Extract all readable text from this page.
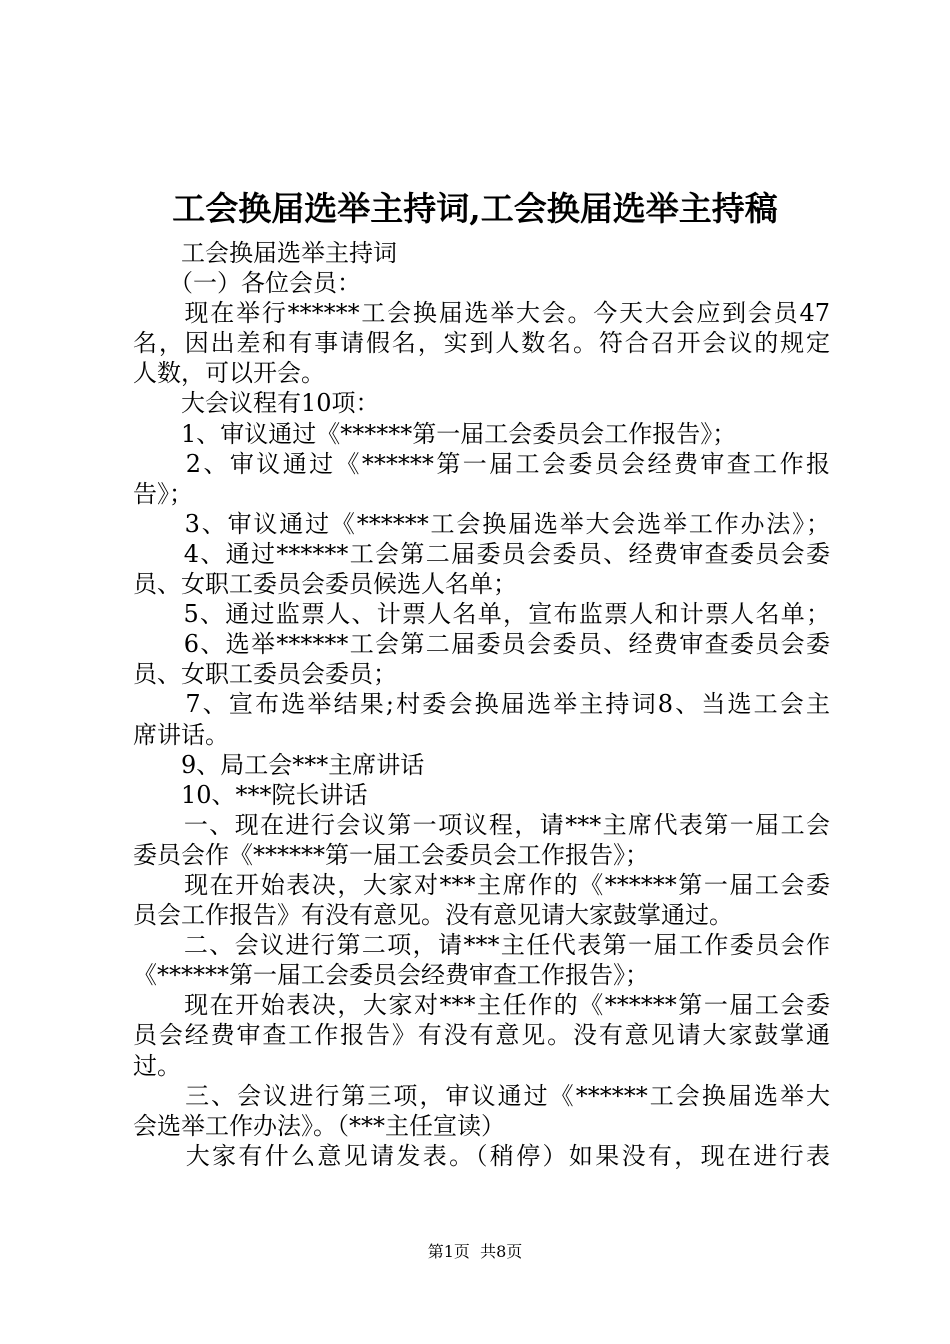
工会换届选举主持词,工会换届选举主持稿
　　工会换届选举主持词
　　（一）各位会员：
　　现在举行******工会换届选举大会。今天大会应到会员47
名，因出差和有事请假名，实到人数名。符合召开会议的规定
人数，可以开会。
　　大会议程有10项：
　　1、审议通过《******第一届工会委员会工作报告》；
　　2、审议通过《******第一届工会委员会经费审查工作报
告》；
　　3、审议通过《******工会换届选举大会选举工作办法》；
　　4、通过******工会第二届委员会委员、经费审查委员会委
员、女职工委员会委员候选人名单；
　　5、通过监票人、计票人名单，宣布监票人和计票人名单；
　　6、选举******工会第二届委员会委员、经费审查委员会委
员、女职工委员会委员；
　　7、宣布选举结果;村委会换届选举主持词8、当选工会主
席讲话。
　　9、局工会***主席讲话
　　10、***院长讲话
　　一、现在进行会议第一项议程，请***主席代表第一届工会
委员会作《******第一届工会委员会工作报告》；
　　现在开始表决，大家对***主席作的《******第一届工会委
员会工作报告》有没有意见。没有意见请大家鼓掌通过。
　　二、会议进行第二项，请***主任代表第一届工作委员会作
《******第一届工会委员会经费审查工作报告》；
　　现在开始表决，大家对***主任作的《******第一届工会委
员会经费审查工作报告》有没有意见。没有意见请大家鼓掌通
过。
　　三、会议进行第三项，审议通过《******工会换届选举大
会选举工作办法》。（***主任宣读）
　　大家有什么意见请发表。（稍停）如果没有，现在进行表
第1页  共8页
